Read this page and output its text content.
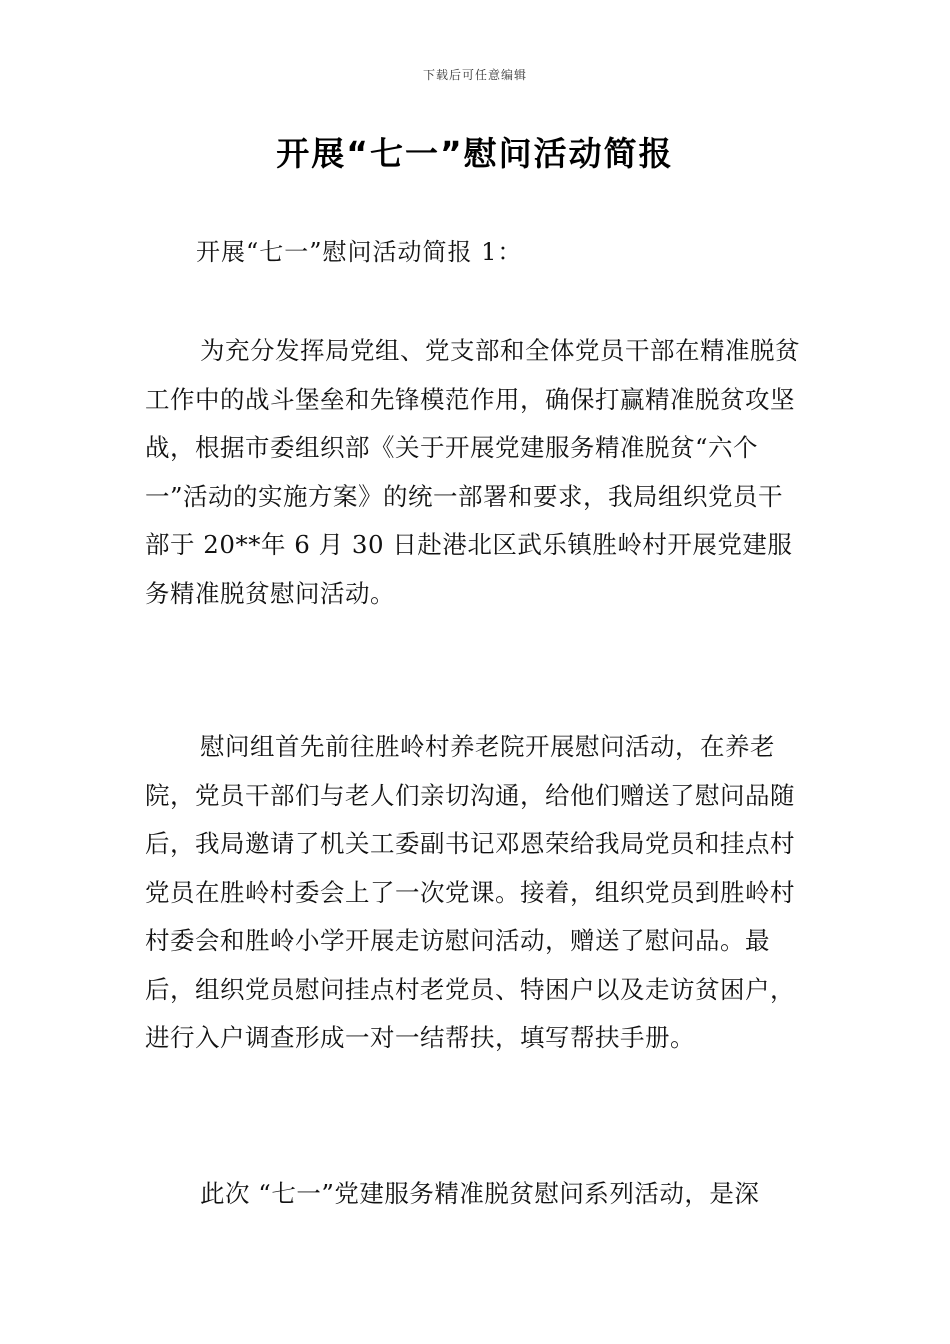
下载后可任意编辑
开展“七一”慰问活动简报
开展“七一”慰问活动简报 1：

为充分发挥局党组、党支部和全体党员干部在精准脱贫工作中的战斗堡垒和先锋模范作用，确保打赢精准脱贫攻坚战，根据市委组织部《关于开展党建服务精准脱贫“六个一”活动的实施方案》的统一部署和要求，我局组织党员干部于 20**年 6 月 30 日赴港北区武乐镇胜岭村开展党建服务精准脱贫慰问活动。

慰问组首先前往胜岭村养老院开展慰问活动，在养老院，党员干部们与老人们亲切沟通，给他们赠送了慰问品随后，我局邀请了机关工委副书记邓恩荣给我局党员和挂点村党员在胜岭村委会上了一次党课。接着，组织党员到胜岭村村委会和胜岭小学开展走访慰问活动，赠送了慰问品。最后，组织党员慰问挂点村老党员、特困户以及走访贫困户，进行入户调查形成一对一结帮扶，填写帮扶手册。

此次 “七一”党建服务精准脱贫慰问系列活动，是深
